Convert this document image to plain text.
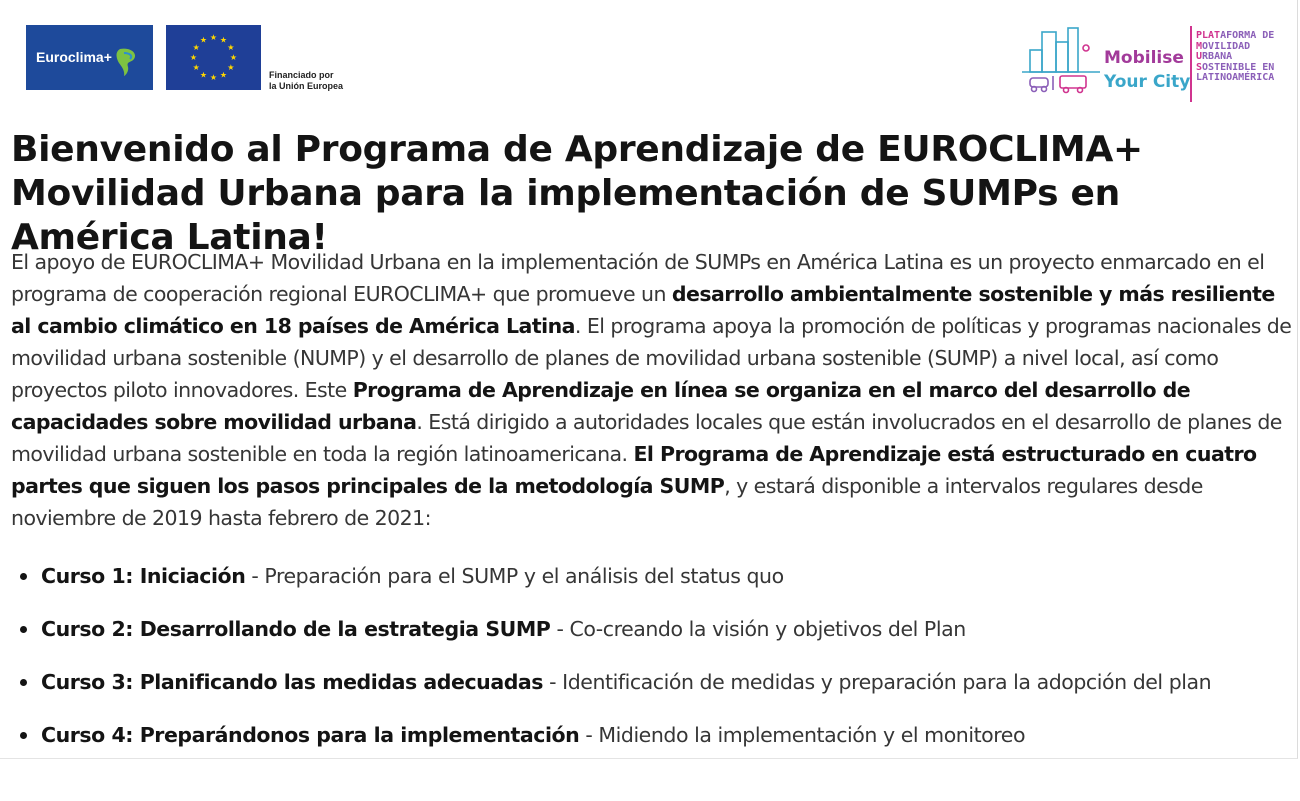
Euroclima+	★
★
★
★
★
★
★
★
★ ★ ★
★
Financiado por
la Unión Europea
Mobilise
Your City
PLATAFORMA DE
MOVILIDAD
URBANA
SOSTENIBLE EN
LATINOAMÉRICA
Bienvenido al Programa de Aprendizaje de EUROCLIMA+ Movilidad Urbana para la implementación de SUMPs en América Latina!

El apoyo de EUROCLIMA+ Movilidad Urbana en la implementación de SUMPs en América Latina es un proyecto enmarcado en el programa de cooperación regional EUROCLIMA+ que promueve un desarrollo ambientalmente sostenible y más resiliente al cambio climático en 18 países de América Latina. El programa apoya la promoción de políticas y programas nacionales de movilidad urbana sostenible (NUMP) y el desarrollo de planes de movilidad urbana sostenible (SUMP) a nivel local, así como proyectos piloto innovadores. Este Programa de Aprendizaje en línea se organiza en el marco del desarrollo de capacidades sobre movilidad urbana. Está dirigido a autoridades locales que están involucrados en el desarrollo de planes de movilidad urbana sostenible en toda la región latinoamericana. El Programa de Aprendizaje está estructurado en cuatro partes que siguen los pasos principales de la metodología SUMP, y estará disponible a intervalos regulares desde noviembre de 2019 hasta febrero de 2021:

Curso 1: Iniciación - Preparación para el SUMP y el análisis del status quo
Curso 2: Desarrollando de la estrategia SUMP - Co-creando la visión y objetivos del Plan
Curso 3: Planificando las medidas adecuadas - Identificación de medidas y preparación para la adopción del plan
Curso 4: Preparándonos para la implementación - Midiendo la implementación y el monitoreo
